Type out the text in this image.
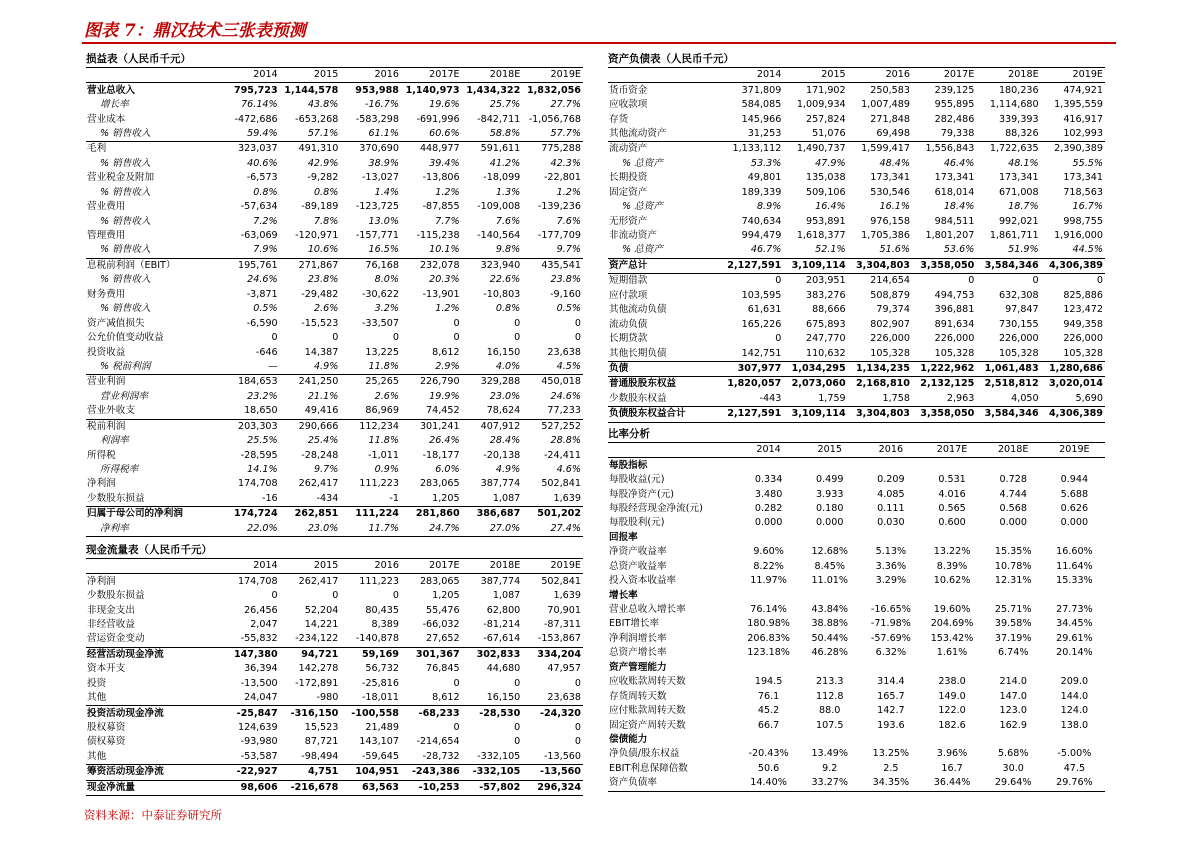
图表 7：鼎汉技术三张表预测
损益表（人民币千元）
	2014	2015	2016	2017E	2018E	2019E
营业总收入	795,723	1,144,578	953,988	1,140,973	1,434,322	1,832,056
增长率	76.14%	43.8%	-16.7%	19.6%	25.7%	27.7%
营业成本	-472,686	-653,268	-583,298	-691,996	-842,711	-1,056,768
% 销售收入	59.4%	57.1%	61.1%	60.6%	58.8%	57.7%
毛利	323,037	491,310	370,690	448,977	591,611	775,288
% 销售收入	40.6%	42.9%	38.9%	39.4%	41.2%	42.3%
营业税金及附加	-6,573	-9,282	-13,027	-13,806	-18,099	-22,801
% 销售收入	0.8%	0.8%	1.4%	1.2%	1.3%	1.2%
营业费用	-57,634	-89,189	-123,725	-87,855	-109,008	-139,236
% 销售收入	7.2%	7.8%	13.0%	7.7%	7.6%	7.6%
管理费用	-63,069	-120,971	-157,771	-115,238	-140,564	-177,709
% 销售收入	7.9%	10.6%	16.5%	10.1%	9.8%	9.7%
息税前利润（EBIT）	195,761	271,867	76,168	232,078	323,940	435,541
% 销售收入	24.6%	23.8%	8.0%	20.3%	22.6%	23.8%
财务费用	-3,871	-29,482	-30,622	-13,901	-10,803	-9,160
% 销售收入	0.5%	2.6%	3.2%	1.2%	0.8%	0.5%
资产减值损失	-6,590	-15,523	-33,507	0	0	0
公允价值变动收益	0	0	0	0	0	0
投资收益	-646	14,387	13,225	8,612	16,150	23,638
% 税前利润	—	4.9%	11.8%	2.9%	4.0%	4.5%
营业利润	184,653	241,250	25,265	226,790	329,288	450,018
营业利润率	23.2%	21.1%	2.6%	19.9%	23.0%	24.6%
营业外收支	18,650	49,416	86,969	74,452	78,624	77,233
税前利润	203,303	290,666	112,234	301,241	407,912	527,252
利润率	25.5%	25.4%	11.8%	26.4%	28.4%	28.8%
所得税	-28,595	-28,248	-1,011	-18,177	-20,138	-24,411
所得税率	14.1%	9.7%	0.9%	6.0%	4.9%	4.6%
净利润	174,708	262,417	111,223	283,065	387,774	502,841
少数股东损益	-16	-434	-1	1,205	1,087	1,639
归属于母公司的净利润	174,724	262,851	111,224	281,860	386,687	501,202
净利率	22.0%	23.0%	11.7%	24.7%	27.0%	27.4%
现金流量表（人民币千元）
	2014	2015	2016	2017E	2018E	2019E
净利润	174,708	262,417	111,223	283,065	387,774	502,841
少数股东损益	0	0	0	1,205	1,087	1,639
非现金支出	26,456	52,204	80,435	55,476	62,800	70,901
非经营收益	2,047	14,221	8,389	-66,032	-81,214	-87,311
营运资金变动	-55,832	-234,122	-140,878	27,652	-67,614	-153,867
经营活动现金净流	147,380	94,721	59,169	301,367	302,833	334,204
资本开支	36,394	142,278	56,732	76,845	44,680	47,957
投资	-13,500	-172,891	-25,816	0	0	0
其他	24,047	-980	-18,011	8,612	16,150	23,638
投资活动现金净流	-25,847	-316,150	-100,558	-68,233	-28,530	-24,320
股权募资	124,639	15,523	21,489	0	0	0
债权募资	-93,980	87,721	143,107	-214,654	0	0
其他	-53,587	-98,494	-59,645	-28,732	-332,105	-13,560
筹资活动现金净流	-22,927	4,751	104,951	-243,386	-332,105	-13,560
现金净流量	98,606	-216,678	63,563	-10,253	-57,802	296,324
资产负债表（人民币千元）
	2014	2015	2016	2017E	2018E	2019E
货币资金	371,809	171,902	250,583	239,125	180,236	474,921
应收款项	584,085	1,009,934	1,007,489	955,895	1,114,680	1,395,559
存货	145,966	257,824	271,848	282,486	339,393	416,917
其他流动资产	31,253	51,076	69,498	79,338	88,326	102,993
流动资产	1,133,112	1,490,737	1,599,417	1,556,843	1,722,635	2,390,389
% 总资产	53.3%	47.9%	48.4%	46.4%	48.1%	55.5%
长期投资	49,801	135,038	173,341	173,341	173,341	173,341
固定资产	189,339	509,106	530,546	618,014	671,008	718,563
% 总资产	8.9%	16.4%	16.1%	18.4%	18.7%	16.7%
无形资产	740,634	953,891	976,158	984,511	992,021	998,755
非流动资产	994,479	1,618,377	1,705,386	1,801,207	1,861,711	1,916,000
% 总资产	46.7%	52.1%	51.6%	53.6%	51.9%	44.5%
资产总计	2,127,591	3,109,114	3,304,803	3,358,050	3,584,346	4,306,389
短期借款	0	203,951	214,654	0	0	0
应付款项	103,595	383,276	508,879	494,753	632,308	825,886
其他流动负债	61,631	88,666	79,374	396,881	97,847	123,472
流动负债	165,226	675,893	802,907	891,634	730,155	949,358
长期贷款	0	247,770	226,000	226,000	226,000	226,000
其他长期负债	142,751	110,632	105,328	105,328	105,328	105,328
负债	307,977	1,034,295	1,134,235	1,222,962	1,061,483	1,280,686
普通股股东权益	1,820,057	2,073,060	2,168,810	2,132,125	2,518,812	3,020,014
少数股东权益	-443	1,759	1,758	2,963	4,050	5,690
负债股东权益合计	2,127,591	3,109,114	3,304,803	3,358,050	3,584,346	4,306,389
比率分析
	2014	2015	2016	2017E	2018E	2019E
每股指标						
每股收益(元)	0.334	0.499	0.209	0.531	0.728	0.944
每股净资产(元)	3.480	3.933	4.085	4.016	4.744	5.688
每股经营现金净流(元)	0.282	0.180	0.111	0.565	0.568	0.626
每股股利(元)	0.000	0.000	0.030	0.600	0.000	0.000
回报率						
净资产收益率	9.60%	12.68%	5.13%	13.22%	15.35%	16.60%
总资产收益率	8.22%	8.45%	3.36%	8.39%	10.78%	11.64%
投入资本收益率	11.97%	11.01%	3.29%	10.62%	12.31%	15.33%
增长率						
营业总收入增长率	76.14%	43.84%	-16.65%	19.60%	25.71%	27.73%
EBIT增长率	180.98%	38.88%	-71.98%	204.69%	39.58%	34.45%
净利润增长率	206.83%	50.44%	-57.69%	153.42%	37.19%	29.61%
总资产增长率	123.18%	46.28%	6.32%	1.61%	6.74%	20.14%
资产管理能力						
应收账款周转天数	194.5	213.3	314.4	238.0	214.0	209.0
存货周转天数	76.1	112.8	165.7	149.0	147.0	144.0
应付账款周转天数	45.2	88.0	142.7	122.0	123.0	124.0
固定资产周转天数	66.7	107.5	193.6	182.6	162.9	138.0
偿债能力						
净负债/股东权益	-20.43%	13.49%	13.25%	3.96%	5.68%	-5.00%
EBIT利息保障倍数	50.6	9.2	2.5	16.7	30.0	47.5
资产负债率	14.40%	33.27%	34.35%	36.44%	29.64%	29.76%
资料来源：中泰证券研究所
